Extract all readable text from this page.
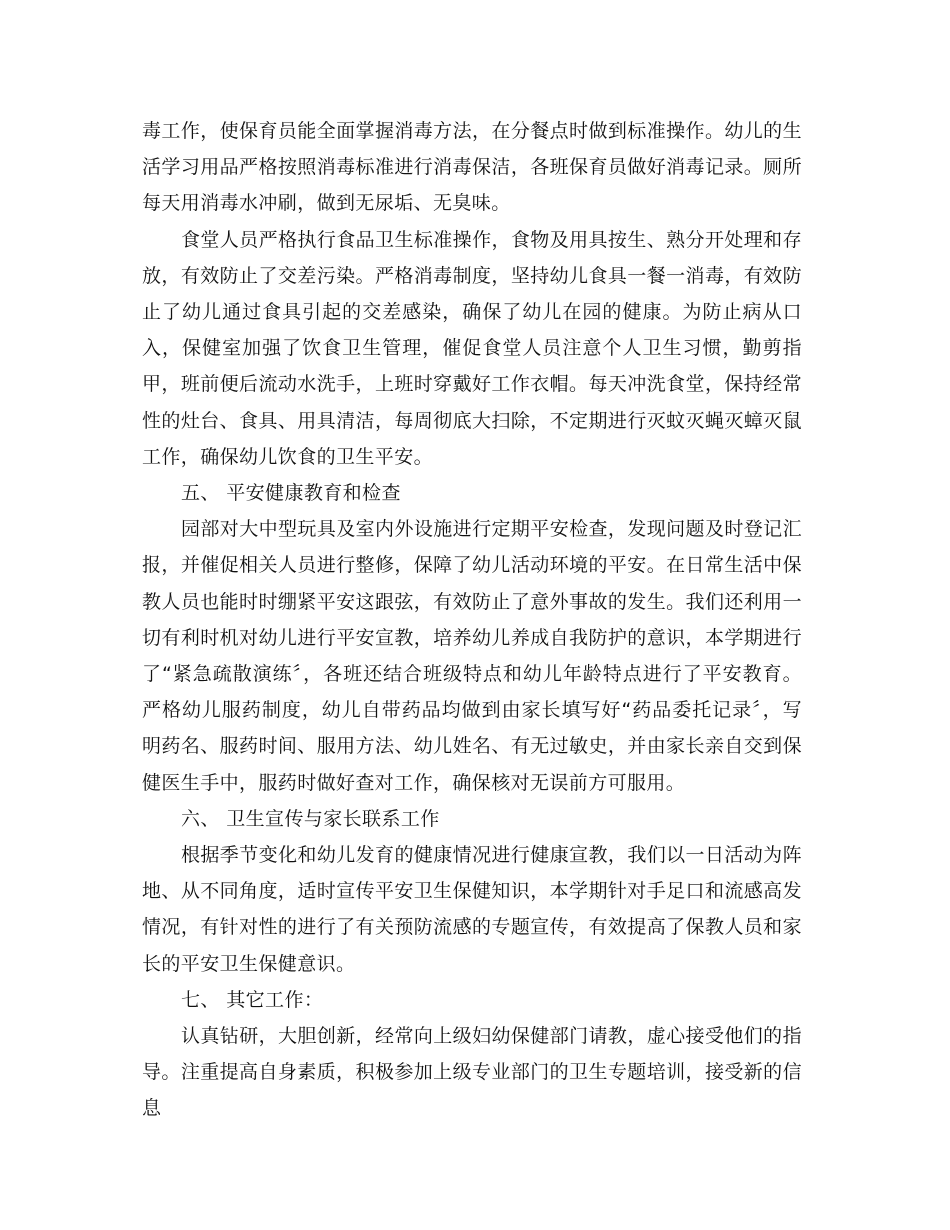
毒工作，使保育员能全面掌握消毒方法，在分餐点时做到标准操作。幼儿的生活学习用品严格按照消毒标准进行消毒保洁，各班保育员做好消毒记录。厕所每天用消毒水冲刷，做到无尿垢、无臭味。

食堂人员严格执行食品卫生标准操作，食物及用具按生、熟分开处理和存放，有效防止了交差污染。严格消毒制度，坚持幼儿食具一餐一消毒，有效防止了幼儿通过食具引起的交差感染，确保了幼儿在园的健康。为防止病从口入，保健室加强了饮食卫生管理，催促食堂人员注意个人卫生习惯，勤剪指甲，班前便后流动水洗手，上班时穿戴好工作衣帽。每天冲洗食堂，保持经常性的灶台、食具、用具清洁，每周彻底大扫除，不定期进行灭蚊灭蝇灭蟑灭鼠工作，确保幼儿饮食的卫生平安。

五、 平安健康教育和检查

园部对大中型玩具及室内外设施进行定期平安检查，发现问题及时登记汇报，并催促相关人员进行整修，保障了幼儿活动环境的平安。在日常生活中保教人员也能时时绷紧平安这跟弦，有效防止了意外事故的发生。我们还利用一切有利时机对幼儿进行平安宣教，培养幼儿养成自我防护的意识，本学期进行了“紧急疏散演练〞，各班还结合班级特点和幼儿年龄特点进行了平安教育。严格幼儿服药制度，幼儿自带药品均做到由家长填写好“药品委托记录〞，写明药名、服药时间、服用方法、幼儿姓名、有无过敏史，并由家长亲自交到保健医生手中，服药时做好查对工作，确保核对无误前方可服用。

六、 卫生宣传与家长联系工作

根据季节变化和幼儿发育的健康情况进行健康宣教，我们以一日活动为阵地、从不同角度，适时宣传平安卫生保健知识，本学期针对手足口和流感高发情况，有针对性的进行了有关预防流感的专题宣传，有效提高了保教人员和家长的平安卫生保健意识。

七、 其它工作：

认真钻研，大胆创新，经常向上级妇幼保健部门请教，虚心接受他们的指导。注重提高自身素质，积极参加上级专业部门的卫生专题培训，接受新的信息
